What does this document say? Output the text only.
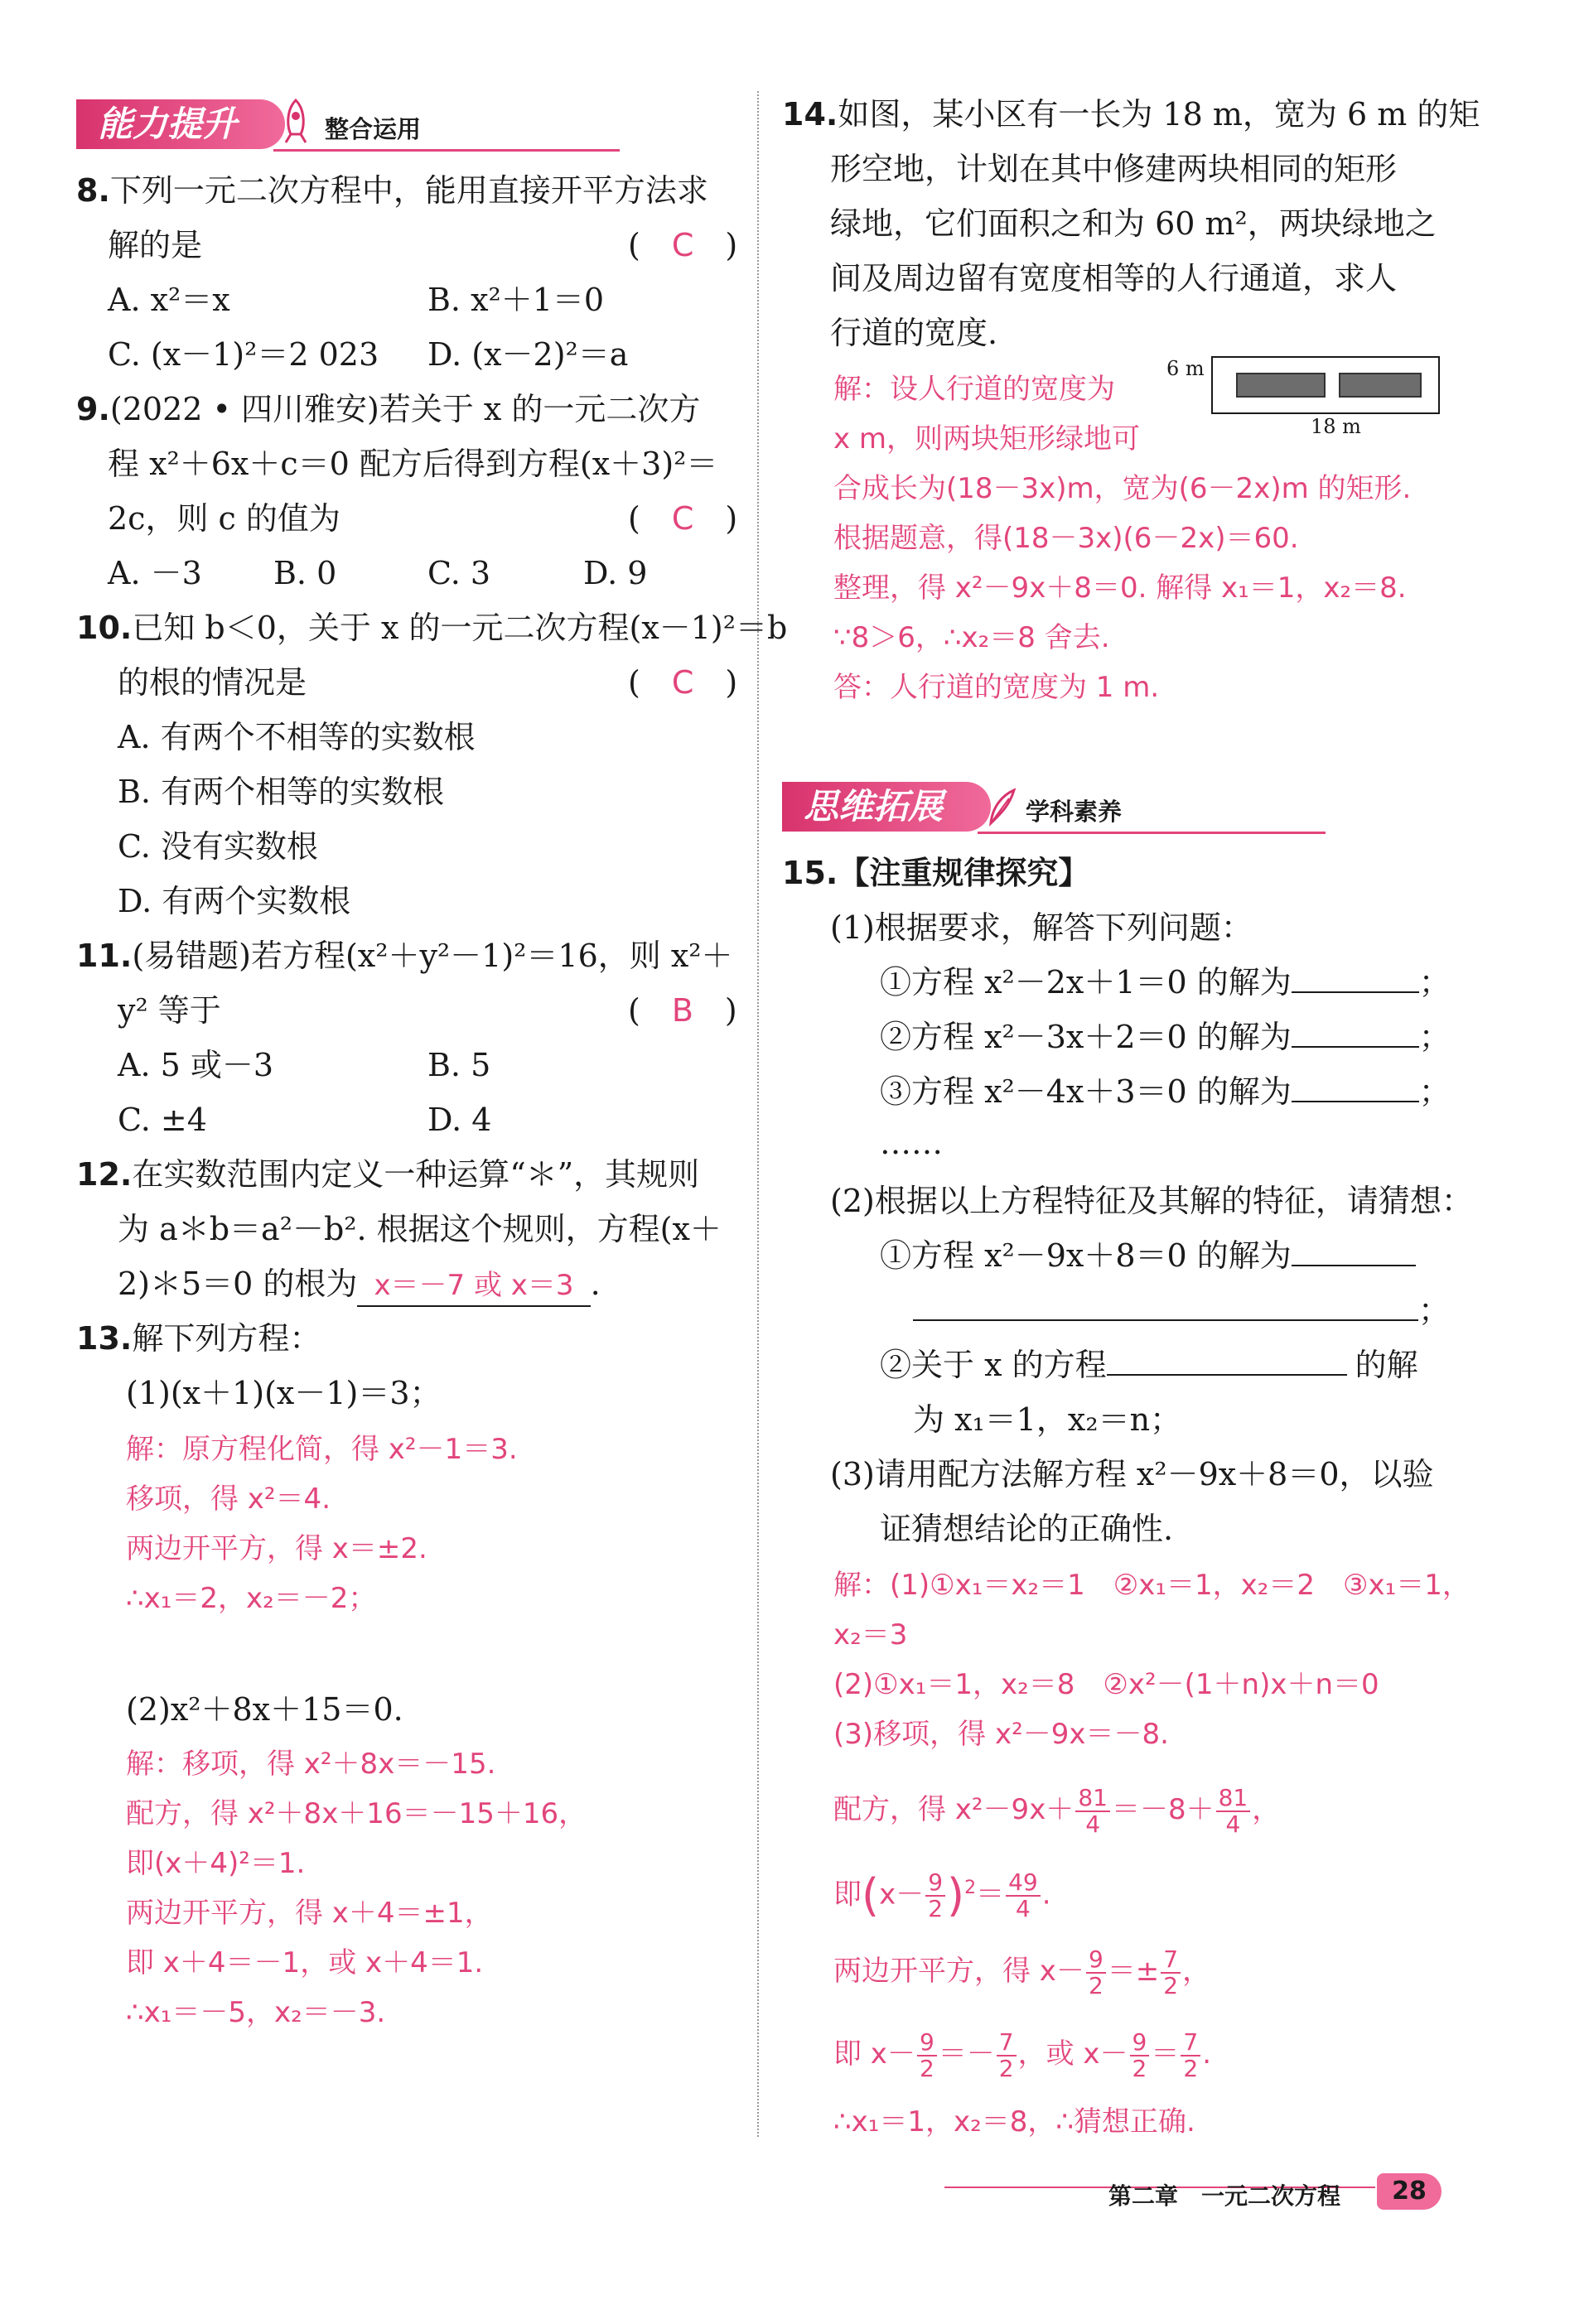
能力提升	整合运用
8.下列一元二次方程中，能用直接开平方法求
解的是	(　C　)
A. x²＝x	B. x²＋1＝0
C. (x－1)²＝2 023 D. (x－2)²＝a
9.(2022 • 四川雅安)若关于 x 的一元二次方
程 x²＋6x＋c＝0 配方后得到方程(x＋3)²＝
2c，则 c 的值为	(　C　)
A. －3 B. 0	C. 3	D. 9
10.已知 b＜0，关于 x 的一元二次方程(x－1)²＝b
的根的情况是	(　C　)
A. 有两个不相等的实数根
B. 有两个相等的实数根
C. 没有实数根
D. 有两个实数根
11.(易错题)若方程(x²＋y²－1)²＝16，则 x²＋
y² 等于	(　B　)
A. 5 或－3	B. 5
C. ±4	D. 4
12.在实数范围内定义一种运算“＊”，其规则
为 a＊b＝a²－b². 根据这个规则，方程(x＋
2)＊5＝0 的根为 x＝－7 或 x＝3 .
13.解下列方程：
(1)(x＋1)(x－1)＝3；
解：原方程化简，得 x²－1＝3.
移项，得 x²＝4.
两边开平方，得 x＝±2.
∴x₁＝2，x₂＝－2；
(2)x²＋8x＋15＝0.
解：移项，得 x²＋8x＝－15.
配方，得 x²＋8x＋16＝－15＋16，
即(x＋4)²＝1.
两边开平方，得 x＋4＝±1，
即 x＋4＝－1，或 x＋4＝1.
∴x₁＝－5，x₂＝－3.
14.如图，某小区有一长为 18 m，宽为 6 m 的矩
形空地，计划在其中修建两块相同的矩形
绿地，它们面积之和为 60 m²，两块绿地之
间及周边留有宽度相等的人行通道，求人
行道的宽度.
6 m
18 m
解：设人行道的宽度为
x m，则两块矩形绿地可
合成长为(18－3x)m，宽为(6－2x)m 的矩形.
根据题意，得(18－3x)(6－2x)＝60.
整理，得 x²－9x＋8＝0. 解得 x₁＝1，x₂＝8.
∵8＞6，∴x₂＝8 舍去.
答：人行道的宽度为 1 m.
思维拓展	学科素养
15.【注重规律探究】
(1)根据要求，解答下列问题：
①方程 x²－2x＋1＝0 的解为	；
②方程 x²－3x＋2＝0 的解为	；
③方程 x²－4x＋3＝0 的解为	；
……
(2)根据以上方程特征及其解的特征，请猜想：
①方程 x²－9x＋8＝0 的解为
；
②关于 x 的方程	的解
为 x₁＝1，x₂＝n；
(3)请用配方法解方程 x²－9x＋8＝0，以验
证猜想结论的正确性.
解：(1)①x₁＝x₂＝1　②x₁＝1，x₂＝2　③x₁＝1，
x₂＝3
(2)①x₁＝1，x₂＝8　②x²－(1＋n)x＋n＝0
(3)移项，得 x²－9x＝－8.
配方，得 $x^2-9x+ \frac{81}{4} =-8+ \frac{81}{4}$ ，
即$(x- \frac{9}{2} )^2= \frac{49}{4}$ .
两边开平方，得 $x- \frac{9}{2} =\pm \frac{7}{2}$ ，
即 $x- \frac{9}{2} =- \frac{7}{2}$ ，或 $x- \frac{9}{2} = \frac{7}{2}$ .
∴x₁＝1，x₂＝8，∴猜想正确.
第二章　一元二次方程	28
